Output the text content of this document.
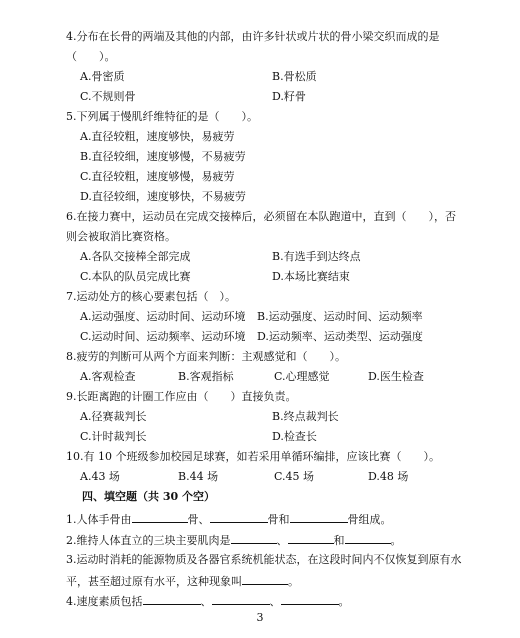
4.分布在长骨的两端及其他的内部，由许多针状或片状的骨小梁交织而成的是
（　　）。
A.骨密质	B.骨松质
C.不规则骨	D.籽骨
5.下列属于慢肌纤维特征的是（　　）。
A.直径较粗，速度够快，易疲劳
B.直径较细，速度够慢，不易疲劳
C.直径较粗，速度够慢，易疲劳
D.直径较细，速度够快，不易疲劳
6.在接力赛中，运动员在完成交接棒后，必须留在本队跑道中，直到（　　），否
则会被取消比赛资格。
A.各队交接棒全部完成	B.有选手到达终点
C.本队的队员完成比赛	D.本场比赛结束
7.运动处方的核心要素包括（　）。
A.运动强度、运动时间、运动环境 B.运动强度、运动时间、运动频率
C.运动时间、运动频率、运动环境 D.运动频率、运动类型、运动强度
8.疲劳的判断可从两个方面来判断：主观感觉和（　　）。
A.客观检查	B.客观指标	C.心理感觉	D.医生检查
9.长距离跑的计圈工作应由（　　）直接负责。
A.径赛裁判长	B.终点裁判长
C.计时裁判长	D.检查长
10.有 10 个班级参加校园足球赛，如若采用单循环编排，应该比赛（　　）。
A.43 场	B.44 场	C.45 场	D.48 场
四、填空题（共 30 个空）
1.人体手骨由	骨、	骨和	骨组成。
2.维持人体直立的三块主要肌肉是	、	和	。
3.运动时消耗的能源物质及各器官系统机能状态，在这段时间内不仅恢复到原有水
平，甚至超过原有水平，这种现象叫	。
4.速度素质包括	、	、	。
3
